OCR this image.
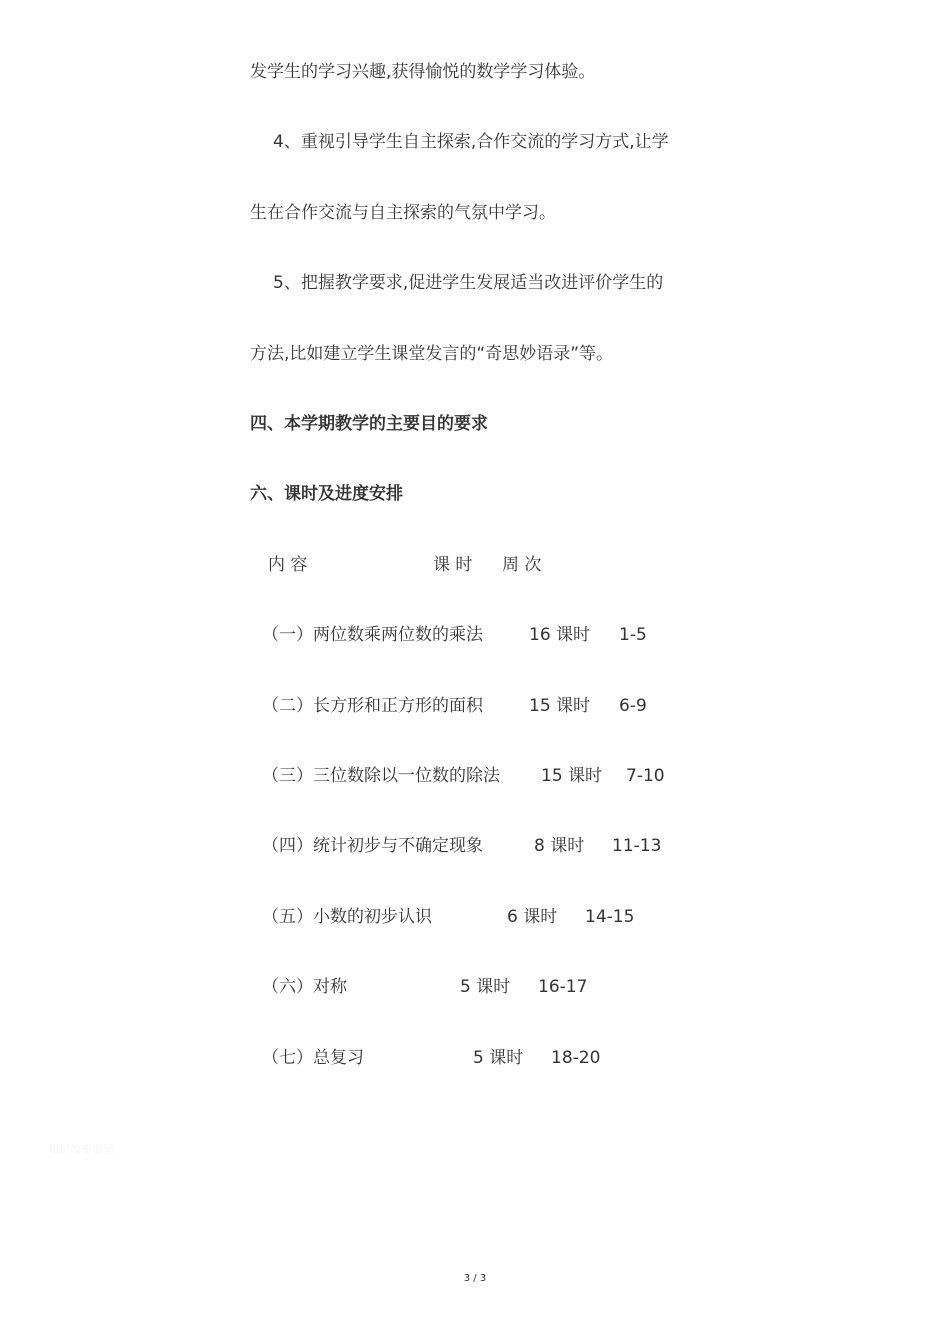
发学生的学习兴趣,获得愉悦的数学学习体验。
4、重视引导学生自主探索,合作交流的学习方式,让学
生在合作交流与自主探索的气氛中学习。
5、把握教学要求,促进学生发展适当改进评价学生的
方法,比如建立学生课堂发言的“奇思妙语录”等。
四、本学期教学的主要目的要求
六、课时及进度安排
内 容	课 时 周 次
（一）两位数乘两位数的乘法	16 课时 1-5
（二）长方形和正方形的面积	15 课时 6-9
（三）三位数除以一位数的除法 15 课时 7-10
（四）统计初步与不确定现象	8 课时 11-13
（五）小数的初步认识	6 课时 14-15
（六）对称	5 课时 16-17
（七）总复习	5 课时 18-20
知识改变命运
3 / 3
